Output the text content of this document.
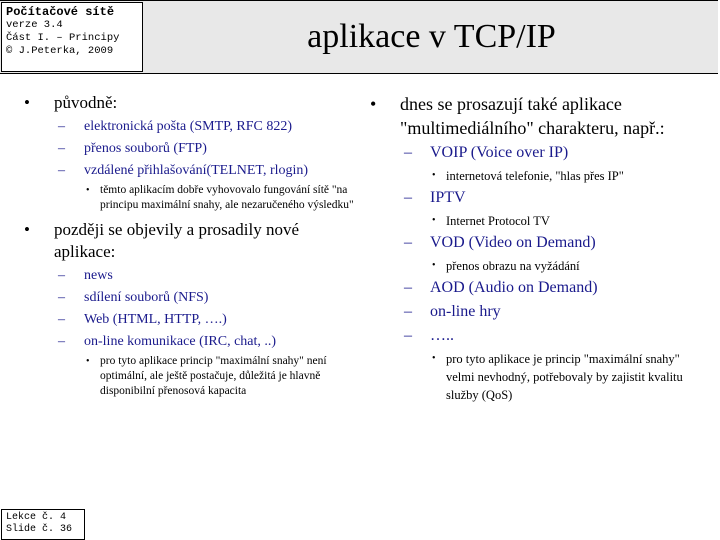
Počítačové sítě
verze 3.4
Část I. – Principy
© J.Peterka, 2009	aplikace v TCP/IP
• původně:
– elektronická pošta (SMTP, RFC 822)
– přenos souborů (FTP)
– vzdálené přihlašování(TELNET, rlogin)
• těmto aplikacím dobře vyhovovalo fungování sítě "na principu maximální snahy, ale nezaručeného výsledku"
• později se objevily a prosadily nové aplikace:
– news
– sdílení souborů (NFS)
– Web (HTML, HTTP, ….)
– on-line komunikace (IRC, chat, ..)
• pro tyto aplikace princip "maximální snahy" není optimální, ale ještě postačuje, důležitá je hlavně disponibilní přenosová kapacita
• dnes se prosazují také aplikace "multimediálního" charakteru, např.:
– VOIP (Voice over IP)
• internetová telefonie, "hlas přes IP"
– IPTV
• Internet Protocol TV
– VOD (Video on Demand)
• přenos obrazu na vyžádání
– AOD (Audio on Demand)
– on-line hry
– …..
• pro tyto aplikace je princip "maximální snahy" velmi nevhodný, potřebovaly by zajistit kvalitu služby (QoS)
Lekce č. 4
Slide č. 36
